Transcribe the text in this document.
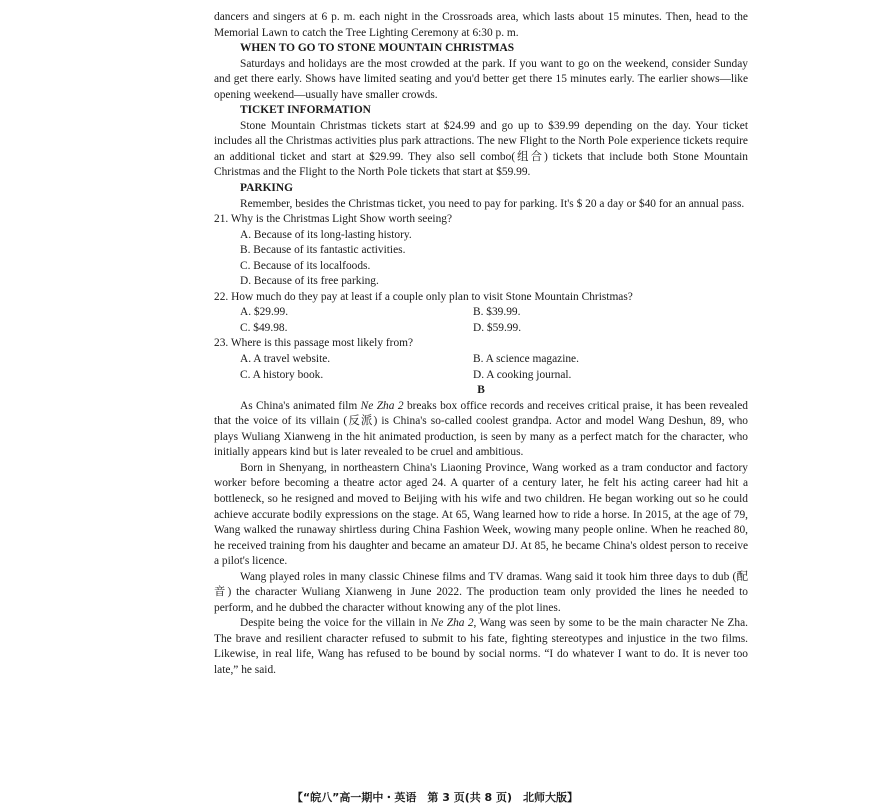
dancers and singers at 6 p. m. each night in the Crossroads area, which lasts about 15 minutes. Then, head to the Memorial Lawn to catch the Tree Lighting Ceremony at 6:30 p. m.
WHEN TO GO TO STONE MOUNTAIN CHRISTMAS
Saturdays and holidays are the most crowded at the park. If you want to go on the weekend, consider Sunday and get there early. Shows have limited seating and you'd better get there 15 minutes early. The earlier shows—like opening weekend—usually have smaller crowds.
TICKET INFORMATION
Stone Mountain Christmas tickets start at $24.99 and go up to $39.99 depending on the day. Your ticket includes all the Christmas activities plus park attractions. The new Flight to the North Pole experience tickets require an additional ticket and start at $29.99. They also sell combo(组合) tickets that include both Stone Mountain Christmas and the Flight to the North Pole tickets that start at $59.99.
PARKING
Remember, besides the Christmas ticket, you need to pay for parking. It's $ 20 a day or $40 for an annual pass.
21. Why is the Christmas Light Show worth seeing?
A. Because of its long-lasting history.
B. Because of its fantastic activities.
C. Because of its localfoods.
D. Because of its free parking.
22. How much do they pay at least if a couple only plan to visit Stone Mountain Christmas?
A. $29.99.	B. $39.99.
C. $49.98.	D. $59.99.
23. Where is this passage most likely from?
A. A travel website.	B. A science magazine.
C. A history book.	D. A cooking journal.
B
As China's animated film Ne Zha 2 breaks box office records and receives critical praise, it has been revealed that the voice of its villain (反派) is China's so-called coolest grandpa. Actor and model Wang Deshun, 89, who plays Wuliang Xianweng in the hit animated production, is seen by many as a perfect match for the character, who initially appears kind but is later revealed to be cruel and ambitious.
Born in Shenyang, in northeastern China's Liaoning Province, Wang worked as a tram conductor and factory worker before becoming a theatre actor aged 24. A quarter of a century later, he felt his acting career had hit a bottleneck, so he resigned and moved to Beijing with his wife and two children. He began working out so he could achieve accurate bodily expressions on the stage. At 65, Wang learned how to ride a horse. In 2015, at the age of 79, Wang walked the runaway shirtless during China Fashion Week, wowing many people online. When he reached 80, he received training from his daughter and became an amateur DJ. At 85, he became China's oldest person to receive a pilot's licence.
Wang played roles in many classic Chinese films and TV dramas. Wang said it took him three days to dub (配音) the character Wuliang Xianweng in June 2022. The production team only provided the lines he needed to perform, and he dubbed the character without knowing any of the plot lines.
Despite being the voice for the villain in Ne Zha 2, Wang was seen by some to be the main character Ne Zha. The brave and resilient character refused to submit to his fate, fighting stereotypes and injustice in the two films. Likewise, in real life, Wang has refused to be bound by social norms. “I do whatever I want to do. It is never too late,” he said.
【“皖八”高一期中・英语　第 3 页(共 8 页)　北师大版】
